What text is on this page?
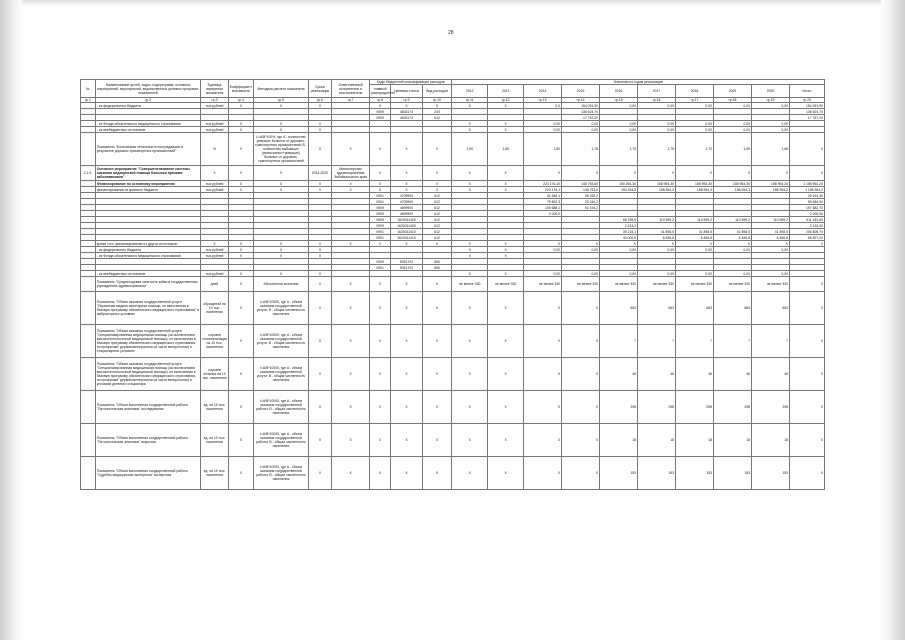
28
№	Наименование целей, задач, подпрограмм, основных мероприятий, мероприятий, ведомственных целевых программ, показателей	Единица измерения показателя	Коэффициент значимости	Методика расчета показателя	Сроки реализации	Ответственный исполнитель и соисполнители	Коды бюджетной классификации расходов			Значения по годам реализации									
							главный распорядитель	Целевая статья	Вид расходов	2012	2013	2014	2015	2016	2017	2018	2019	2020	Итого
гр.1	гр.2	гр.3	гр.4	гр.5	гр.6	гр.7	гр.8	гр.9	гр.10	гр.11	гр.12	гр.13	гр.14	гр.15	гр.16	гр.17	гр.18	гр.19	гр.20
	- из федерального бюджета	тыс.рублей	Х	Х	Х		Х	Х	Х	Х	Х	0,0	154 091,90	0,00	0,00	0,00	0,00	0,00	154 091,90
							0909	4833174	244				136 624,70						136 624,70
							0909	4833174	612				17 767,20						17 767,20
	- из Фонда обязательного медицинского страхования	тыс.рублей	Х	Х	Х					Х	Х	0,00	0,00	0,00	0,00	0,00	0,00	0,00	
	- из внебюджетных источников	тыс.рублей	Х	Х	Х					Х	Х	0,00	0,00	0,00	0,00	0,00	0,00	0,00	
	Показатель "Больничная летальность пострадавших в результате дорожно-транспортных происшествий"	%	Х	L=A/B*100%, где A - количество умерших больных от дорожно-транспортных происшествий; B - количество выбывших (выписанных+умерших) больных от дорожно-транспортных происшествий	Х	Х	Х	Х	Х	1,90	1,85	1,80	1,78	1,75	1,75	1,70	1,69	1,68	Х
2.1.9.	Основное мероприятие "Совершенствование системы оказания медицинской помощи больным прочими заболеваниями"	Х	Х	Х	2014-2020	Министерство здравоохранения Забайкальского края	Х	Х	Х	Х	Х	Х	Х	Х	Х	Х	Х	Х	Х
	Финансирование по основному мероприятию	тыс.рублей	Х	Х	Х	Х	Х	Х	Х	Х	Х	223 176,10	148 753,60	150 254,30	158 954,30	158 954,30	158 954,30	158 954,20	1 158 964,20
	финансирование из краевого бюджета	тыс.рублей	Х	Х	Х	Х	Х	Х	Х	Х	Х	223 176,1	148 753,6	150 254,3	158 954,3	158 954,3	158 954,3	158 954,2	1 158 964,2
							0901	4709900	612			41 846,1	35 315,2						25 161,30
							0901	4709900	612			75 602,3	29 244,2						59 846,50
							0909	4699900	612			105 688,1	92 194,2						197 882,70
							0909	4699900	612			2 000,0							2 000,00
							0909	1620011400	612					68 785,5	110 599,2	110 599,2	110 599,2	110 599,2	511 181,60
							0909	1620011400	612					2 133,3					2 133,30
							0901	1620011410	612					39 215,1	41 898,5	41 898,5	41 898,5	41 898,5	206 806,70
							0901	1620011410	612					40 000,0	6 456,8	6 456,8	6 456,8	6 456,8	65 827,20
	кроме того, финансирование из других источников:	Х	Х	Х	Х	Х	Х	Х	Х	Х	Х	Х	Х	Х	Х	Х	Х	Х	Х
	- из федерального бюджета	тыс.рублей	Х	Х	Х					Х	Х	0,00	0,00	0,00	0,00	0,00	0,00	0,00	
	- из Фонда обязательного медицинского страхования	тыс.рублей	Х	Х	Х					Х	Х								
							0909	5051702	560										
							0901	5051702	560										
	- из внебюджетных источников	тыс.рублей	Х	Х	Х					Х	Х	0,00	0,00	0,00	0,00	0,00	0,00	0,00	
	Показатель "Среднегодовая занятость койки в государственных учреждениях здравоохранения"	дней	Х	Абсолютное значение	Х	Х	Х	Х	Х	не менее 330	не менее 330	не менее 330	не менее 330	не менее 330	не менее 330	не менее 330	не менее 330	не менее 330	Х
	Показатель "Объем оказания государственной услуги "Первичная медико-санитарная помощь, не включенная в базовую программу обязательного медицинского страхования" в амбулаторных условиях	обращений на 10 тыс. населения	Х	I=A/B*10000, где A - объем оказания государственной услуги; B - общая численность населения	Х	Х	Х	Х	Х	Х	Х	Х	Х	663	663	663	663	663	Х
	Показатель "Объем оказания государственной услуги "Специализированная медицинская помощь (за исключением высокотехнологичной медицинской помощи), не включенная в базовую программу обязательного медицинского страхования, по профилям" дерматовенерологии (в части венерологии) в стационарных условиях	случаев госпитализации на 10 тыс. населения	Х	I=A/B*10000, где A - объем оказания государственной услуги; B - общая численность населения	Х	Х	Х	Х	Х	Х	Х	Х	Х	7	7	7	7	7	Х
	Показатель "Объем оказания государственной услуги "Специализированная медицинская помощь (за исключением высокотехнологичной медицинской помощи), не включенная в базовую программу обязательного медицинского страхования, по профилям" дерматовенерологии (в части венерологии) в условиях дневного стационара	случаев лечения на 10 тыс. населения	Х	I=A/B*10000, где A - объем оказания государственной услуги; B - общая численность населения	Х	Х	Х	Х	Х	Х	Х	Х	Х	46	46	46	46	46	Х
	Показатель "Объем выполнения государственной работы "Патологическая анатомия" исследования	ед. на 10 тыс. населения	Х	I=A/B*10000, где A - объем оказания государственной работы; B - общая численность населения	Х	Х	Х	Х	Х	Х	Х	Х	Х	298	298	298	298	298	Х
	Показатель "Объем выполнения государственной работы "Патологическая анатомия" вскрытия	ед. на 10 тыс. населения	Х	I=A/B*10000, где A - объем оказания государственной работы; B - общая численность населения	Х	Х	Х	Х	Х	Х	Х	Х	Х	18	18	18	18	18	Х
	Показатель "Объем выполнения государственной работы "Судебно-медицинская экспертиза" экспертиза	ед. на 10 тыс. населения	Х	I=A/B*10000, где A - объем оказания государственной работы; B - общая численность населения	Х	Х	Х	Х	Х	Х	Х	Х	Х	153	153	153	153	153	Х
